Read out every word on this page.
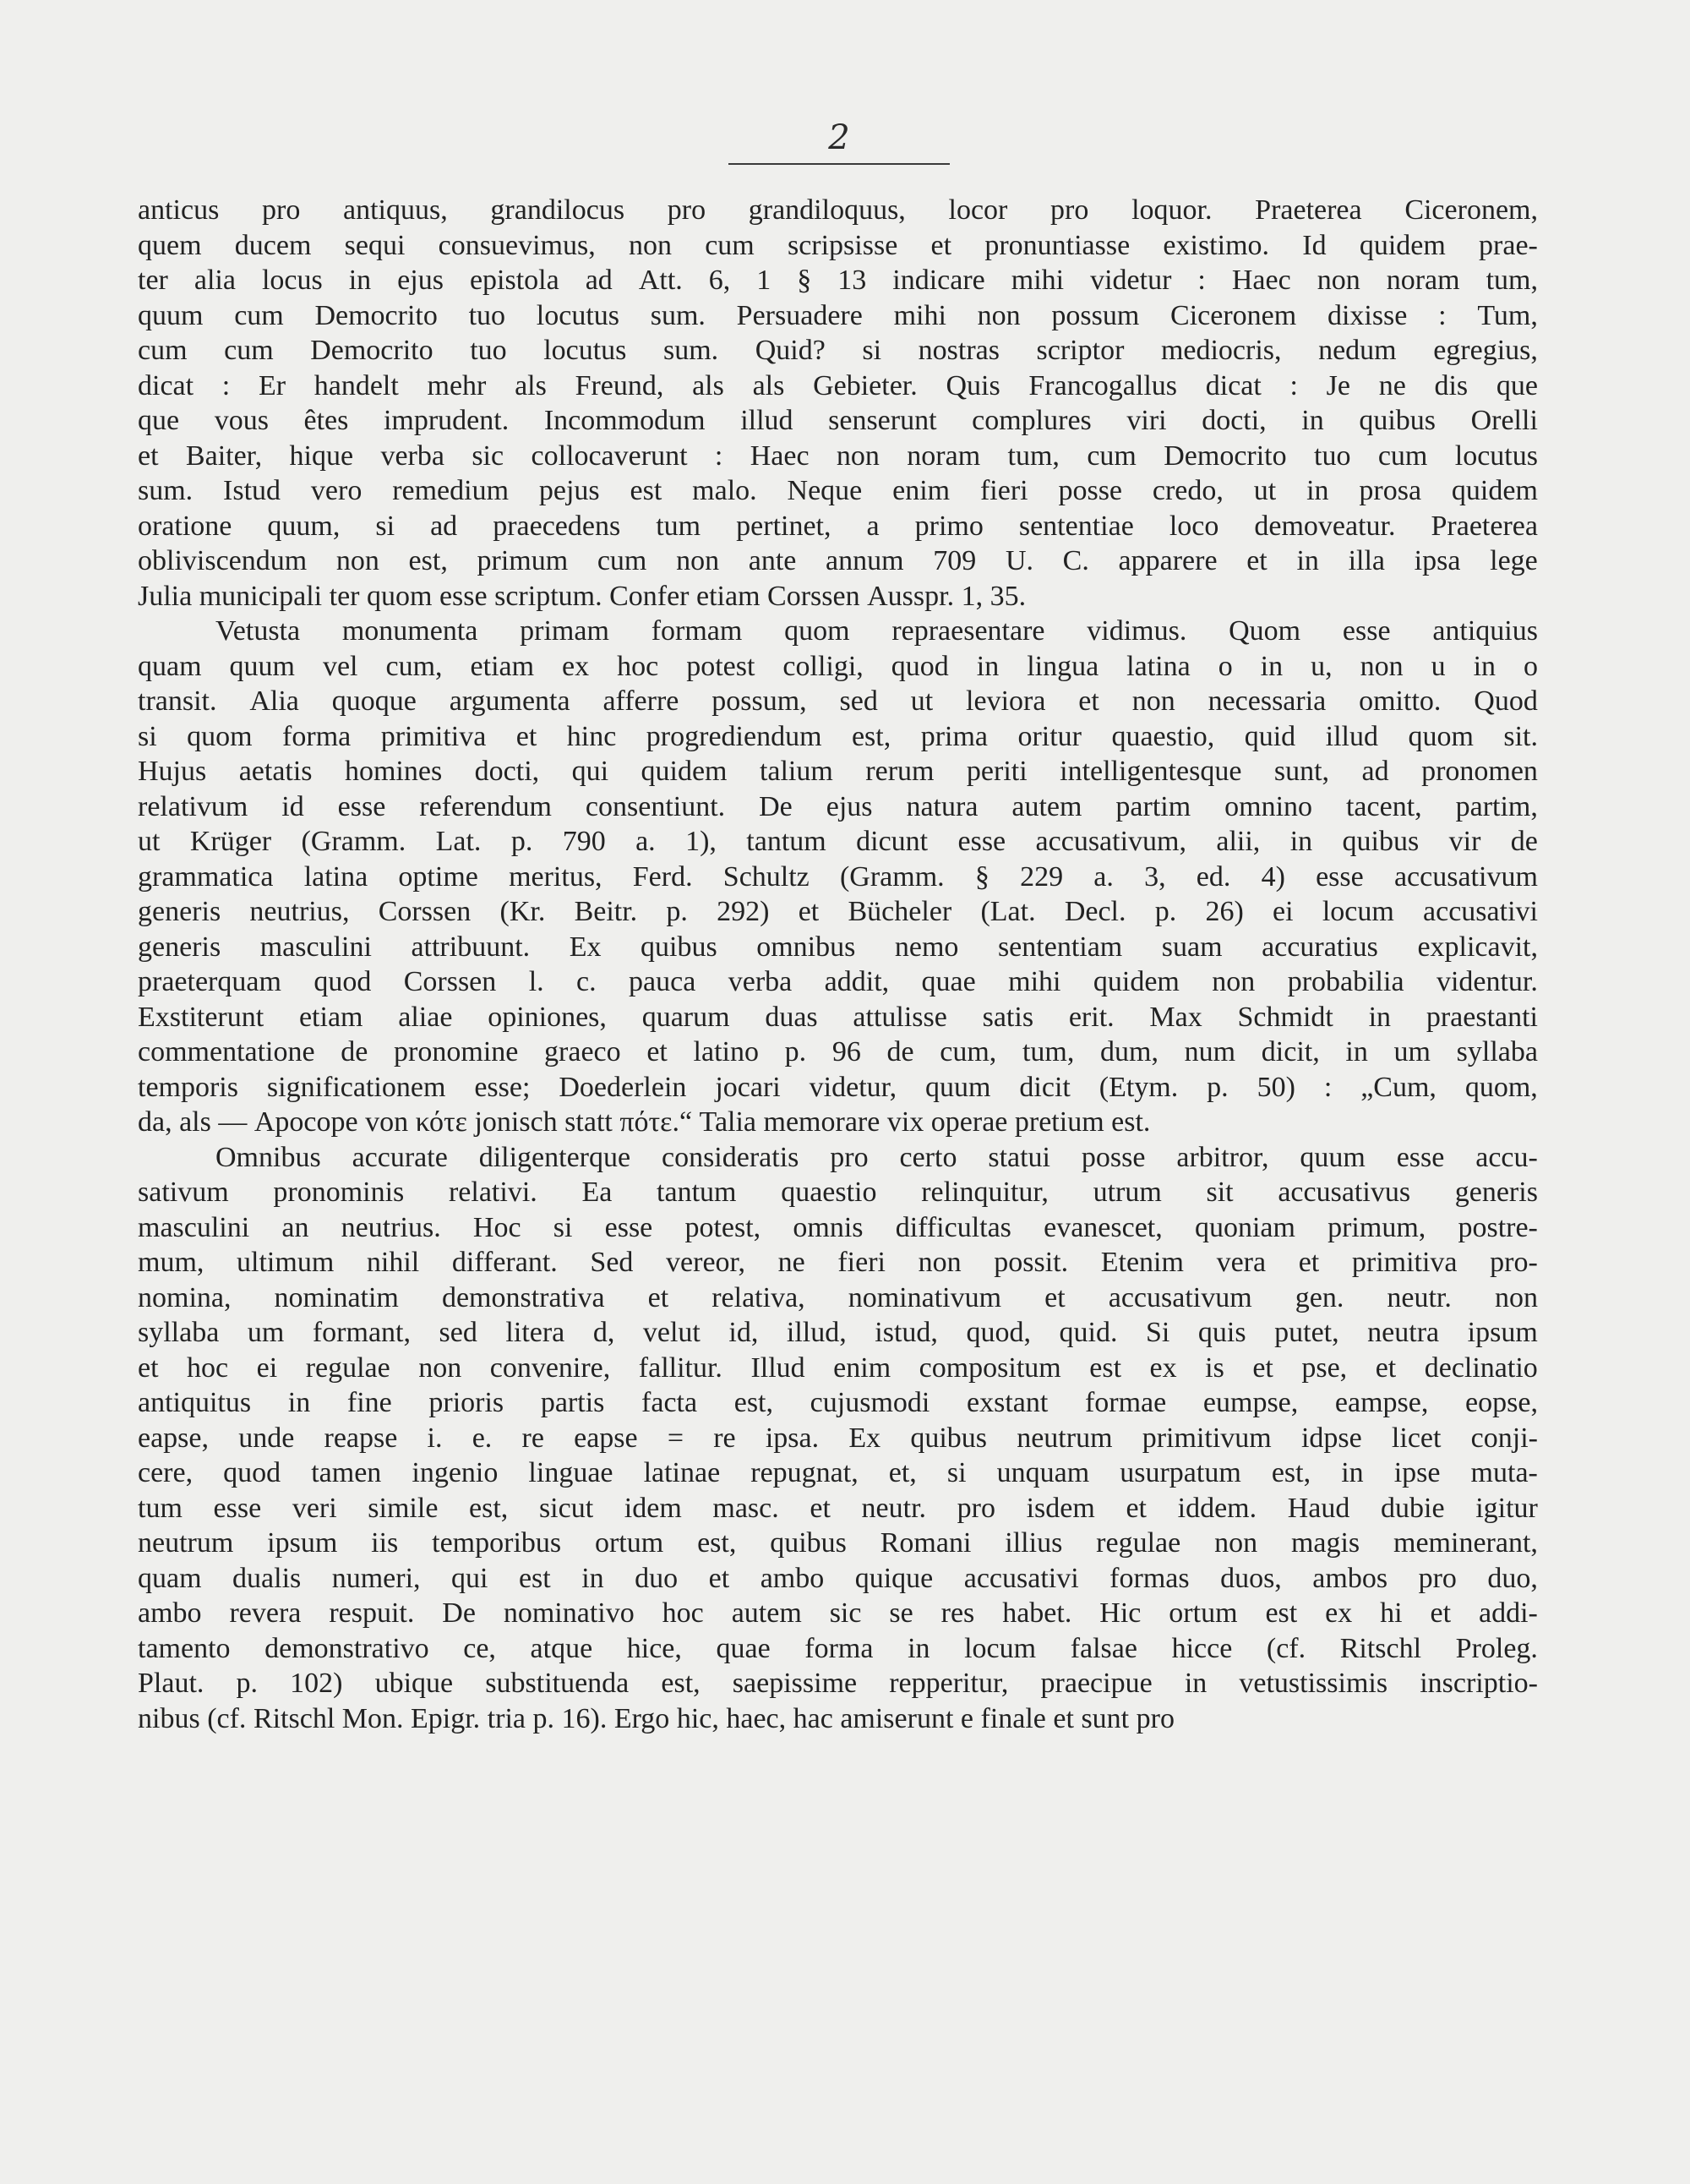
2
anticus pro antiquus, grandilocus pro grandiloquus, locor pro loquor. Praeterea Ciceronem,
quem ducem sequi consuevimus, non cum scripsisse et pronuntiasse existimo. Id quidem prae-
ter alia locus in ejus epistola ad Att. 6, 1 § 13 indicare mihi videtur : Haec non noram tum,
quum cum Democrito tuo locutus sum. Persuadere mihi non possum Ciceronem dixisse : Tum,
cum cum Democrito tuo locutus sum. Quid? si nostras scriptor mediocris, nedum egregius,
dicat : Er handelt mehr als Freund, als als Gebieter. Quis Francogallus dicat : Je ne dis que
que vous êtes imprudent. Incommodum illud senserunt complures viri docti, in quibus Orelli
et Baiter, hique verba sic collocaverunt : Haec non noram tum, cum Democrito tuo cum locutus
sum. Istud vero remedium pejus est malo. Neque enim fieri posse credo, ut in prosa quidem
oratione quum, si ad praecedens tum pertinet, a primo sententiae loco demoveatur. Praeterea
obliviscendum non est, primum cum non ante annum 709 U. C. apparere et in illa ipsa lege
Julia municipali ter quom esse scriptum. Confer etiam Corssen Ausspr. 1, 35.
Vetusta monumenta primam formam quom repraesentare vidimus. Quom esse antiquius
quam quum vel cum, etiam ex hoc potest colligi, quod in lingua latina o in u, non u in o
transit. Alia quoque argumenta afferre possum, sed ut leviora et non necessaria omitto. Quod
si quom forma primitiva et hinc progrediendum est, prima oritur quaestio, quid illud quom sit.
Hujus aetatis homines docti, qui quidem talium rerum periti intelligentesque sunt, ad pronomen
relativum id esse referendum consentiunt. De ejus natura autem partim omnino tacent, partim,
ut Krüger (Gramm. Lat. p. 790 a. 1), tantum dicunt esse accusativum, alii, in quibus vir de
grammatica latina optime meritus, Ferd. Schultz (Gramm. § 229 a. 3, ed. 4) esse accusativum
generis neutrius, Corssen (Kr. Beitr. p. 292) et Bücheler (Lat. Decl. p. 26) ei locum accusativi
generis masculini attribuunt. Ex quibus omnibus nemo sententiam suam accuratius explicavit,
praeterquam quod Corssen l. c. pauca verba addit, quae mihi quidem non probabilia videntur.
Exstiterunt etiam aliae opiniones, quarum duas attulisse satis erit. Max Schmidt in praestanti
commentatione de pronomine graeco et latino p. 96 de cum, tum, dum, num dicit, in um syllaba
temporis significationem esse; Doederlein jocari videtur, quum dicit (Etym. p. 50) : „Cum, quom,
da, als — Apocope von κότε jonisch statt πότε.“ Talia memorare vix operae pretium est.
Omnibus accurate diligenterque consideratis pro certo statui posse arbitror, quum esse accu-
sativum pronominis relativi. Ea tantum quaestio relinquitur, utrum sit accusativus generis
masculini an neutrius. Hoc si esse potest, omnis difficultas evanescet, quoniam primum, postre-
mum, ultimum nihil differant. Sed vereor, ne fieri non possit. Etenim vera et primitiva pro-
nomina, nominatim demonstrativa et relativa, nominativum et accusativum gen. neutr. non
syllaba um formant, sed litera d, velut id, illud, istud, quod, quid. Si quis putet, neutra ipsum
et hoc ei regulae non convenire, fallitur. Illud enim compositum est ex is et pse, et declinatio
antiquitus in fine prioris partis facta est, cujusmodi exstant formae eumpse, eampse, eopse,
eapse, unde reapse i. e. re eapse = re ipsa. Ex quibus neutrum primitivum idpse licet conji-
cere, quod tamen ingenio linguae latinae repugnat, et, si unquam usurpatum est, in ipse muta-
tum esse veri simile est, sicut idem masc. et neutr. pro isdem et iddem. Haud dubie igitur
neutrum ipsum iis temporibus ortum est, quibus Romani illius regulae non magis meminerant,
quam dualis numeri, qui est in duo et ambo quique accusativi formas duos, ambos pro duo,
ambo revera respuit. De nominativo hoc autem sic se res habet. Hic ortum est ex hi et addi-
tamento demonstrativo ce, atque hice, quae forma in locum falsae hicce (cf. Ritschl Proleg.
Plaut. p. 102) ubique substituenda est, saepissime repperitur, praecipue in vetustissimis inscriptio-
nibus (cf. Ritschl Mon. Epigr. tria p. 16). Ergo hic, haec, hac amiserunt e finale et sunt pro
